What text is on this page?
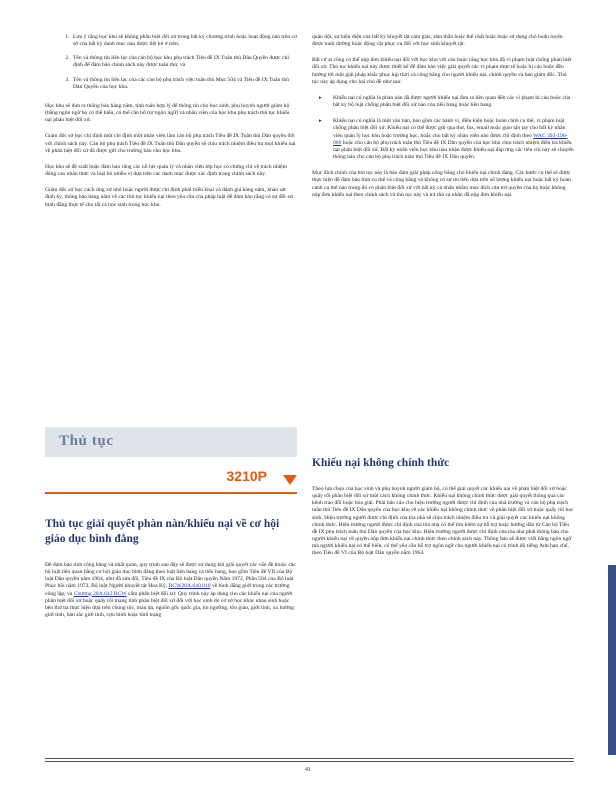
1. Lưu ý rằng học khu sẽ không phân biệt đối xử trong bất kỳ chương trình hoặc hoạt động nào trên cơ sở của bất kỳ danh mục nào được liệt kê ở trên;
2. Tên và thông tin liên lạc của cán bộ học khu phụ trách Tiêu đề IX Tuân thủ Dân Quyền được chỉ định để đảm bảo chính sách này được tuân thủ; và
3. Tên và thông tin liên lạc của các cán bộ phụ trách việc tuân thủ Mục 504 và Tiêu đề IX Tuân thủ Dân Quyền của học khu.

Học khu sẽ đưa ra thông báo hàng năm, tính toán hợp lý để thông tin cho học sinh, phụ huynh người giám hộ (bằng ngôn ngữ họ có thể hiểu, có thể cần hỗ trợ ngôn ngữ) và nhân viên của học khu phụ trách thủ tục khiếu nại phân biệt đối xử.

Giám đốc sở học chỉ định một chỉ định một nhân viên làm cán bộ phụ trách Tiêu đề IX Tuân thủ Dân quyền đối với chính sách này. Cán bộ phụ trách Tiêu đề IX Tuân thủ Dân quyền sẽ chịu trách nhiệm điều tra mọi khiếu nại về phân biệt đối xử đã được gửi cho trường bảo cho học khu.

Học khu sẽ đề xuất hoặc đảm bảo rằng các nỗ lực quản lý và nhân viên lớp học có chứng chỉ về trách nhiệm đúng cao nhân thức và loại bỏ nhiều vị dựa trên các danh mục được xác định trong chính sách này.

Giám đốc sở học cách ứng xử nhỏ hoặc người được chỉ định phải triển khai và đánh giá hàng năm, khảo sát định kỳ, thông báo hàng năm về các thủ tục khiếu nại theo yêu cầu của pháp luật để đảm bảo rằng có sự đối xử bình đẳng thực tế cho tất cả học sinh trong học khu.

Thủ tục
3210P
Thủ tục giải quyết phàn nàn/khiếu nại về cơ hội giáo dục bình đẳng

Để đảm bảo tính công bằng và nhất quán, quy trình sau đây sẽ được sử dụng khi giải quyết các vấn đề thuộc các bộ luật liên quan bằng cơ hội giáo dục bình đẳng theo luật liên bang và tiểu bang, bao gồm Tiêu đề VII của Bộ luật Dân quyền năm 1964, như đã sửa đổi, Tiêu đề IX của Bộ luật Dân quyền Năm 1972, Phần 504 của Bộ luật Phục hồi năm 1973, Bộ luật Người khuyết tật Hoa Kỳ, RCW28A.640.010 về bình đẳng giới trong các trường công lập, và Chương 28A.642 RCW cấm phân biệt đối xử. Quy trình này áp dụng cho các khiếu nại của người phân biệt đối xử hoặc quấy rối mang tính phân biệt đối xử đối với học sinh do cơ sở học khác nhau sinh hoặc bên thứ ba thực hiện dựa trên chủng tộc, màu da, nguồn gốc quốc gia, tín ngưỡng, tôn giáo, giới tính, xu hướng giới tính, bản sắc giới tính, cựu binh hoặc tình trạng

quân đội, sự hiện diện của bất kỳ khuyết tật cảm giác, tâm thần hoặc thể chất hoặc hoặc sử dụng chó huấn luyện được nuôi dưỡng hoặc động vật phục vụ đối với học sinh khuyết tật.

Bất cứ ai cũng có thể nộp đơn khiếu nại đối với học khu với cáo buộc rằng học khu đã vi phạm luật chống phân biệt đối xử. Thủ tục khiếu nại này được thiết kế để đảm bảo việc giải quyết các vi phạm thực tế hoặc bị cáo buộc đều hướng tới một giải pháp khắc phục kịp thời và công bằng cho người khiếu nại, chính quyền và ban giám đốc. Thủ tục này áp dụng cho hai chủ đề như sau:

▸ Khiếu nại có nghĩa là phàn nàn đã được người khiếu nại đưa ra liên quan đến các vi phạm bị cáo buộc của bất kỳ bộ luật chống phân biệt đối xử nào của tiểu bang hoặc liên bang.
▸ Khiếu nại có nghĩa là một văn bản, bao gồm các hành vi, điều kiện hoặc hoàn cảnh cụ thể, vi phạm luật chống phân biệt đối xử. Khiếu nại có thể được gửi qua thư, fax, email hoặc giao tận tay cho bất kỳ nhân viên quản lý học khu hoặc trường học, hoặc cho bất kỳ nhân viên nào được chỉ định theo WAC 392-190-060 hoặc cho cán bộ phụ trách tuân thủ Tiêu đề IX Dân quyền của học khu chịu trách nhiệm điều tra khiếu nại phân biệt đối xử. Bất kỳ nhân viên học khu nào nhận được khiếu nại đáp ứng các tiêu chí này sẽ chuyển thông báo cho cán bộ phụ trách tuân thủ Tiêu đề IX Dân quyền.

Mục đích chính của thủ tục này là bảo đảm giải pháp công bằng cho khiếu nại chính đáng. Các bước cụ thể sẽ được thực hiện để đảm bảo tính cụ thể và công bằng và không có sự ưu tiên dựa trên số lượng khiếu nại hoặc bất kỳ hoàn cảnh cụ thể nào trong đó có phân biệt đối xử với bất kỳ cá nhân nhằm mục đích cản trở quyền của họ hoặc không nộp đơn khiếu nại theo chính sách và thủ tục này và trả thù cá nhân đã nộp đơn khiếu nại.

Khiếu nại không chính thức

Theo lựa chọn của học sinh và phụ huynh người giám hộ, có thể giải quyết các khiếu nại về phân biệt đối xử hoặc quấy rối phân biệt đối xử một cách không chính thức. Khiếu nại không chính thức được giải quyết thông qua các kênh trao đổi hoặc hòa giải. Phải báo cáo cho hiệu trưởng người được chỉ định của nhà trường và cán bộ phụ trách tuân thủ Tiêu đề IX Dân quyền của học khu về các khiếu nại không chính thức về phân biệt đối xử hoặc quấy rối học sinh. Hiệu trưởng người được chỉ định của tòa nhà sẽ chịu trách nhiệm điều tra và giải quyết các khiếu nại không chính thức. Hiệu trưởng người được chỉ định của tòa nhà có thể tìm kiếm sự hỗ trợ hoặc hướng dẫn từ Cán bộ Tiêu đề IX phụ trách tuân thủ Dân quyền của học khu. Hiệu trưởng người được chỉ định của tòa nhà phải thông báo cho người khiếu nại về quyền nộp đơn khiếu nại chính thức theo chính sách này. Thông báo sẽ được viết bằng ngôn ngữ mà người khiếu nại có thể hiểu, có thể yêu cầu hỗ trợ ngôn ngữ cho người khiếu nại có trình độ tiếng Anh hạn chế, theo Tiêu đề VI của Bộ luật Dân quyền năm 1964.

41
